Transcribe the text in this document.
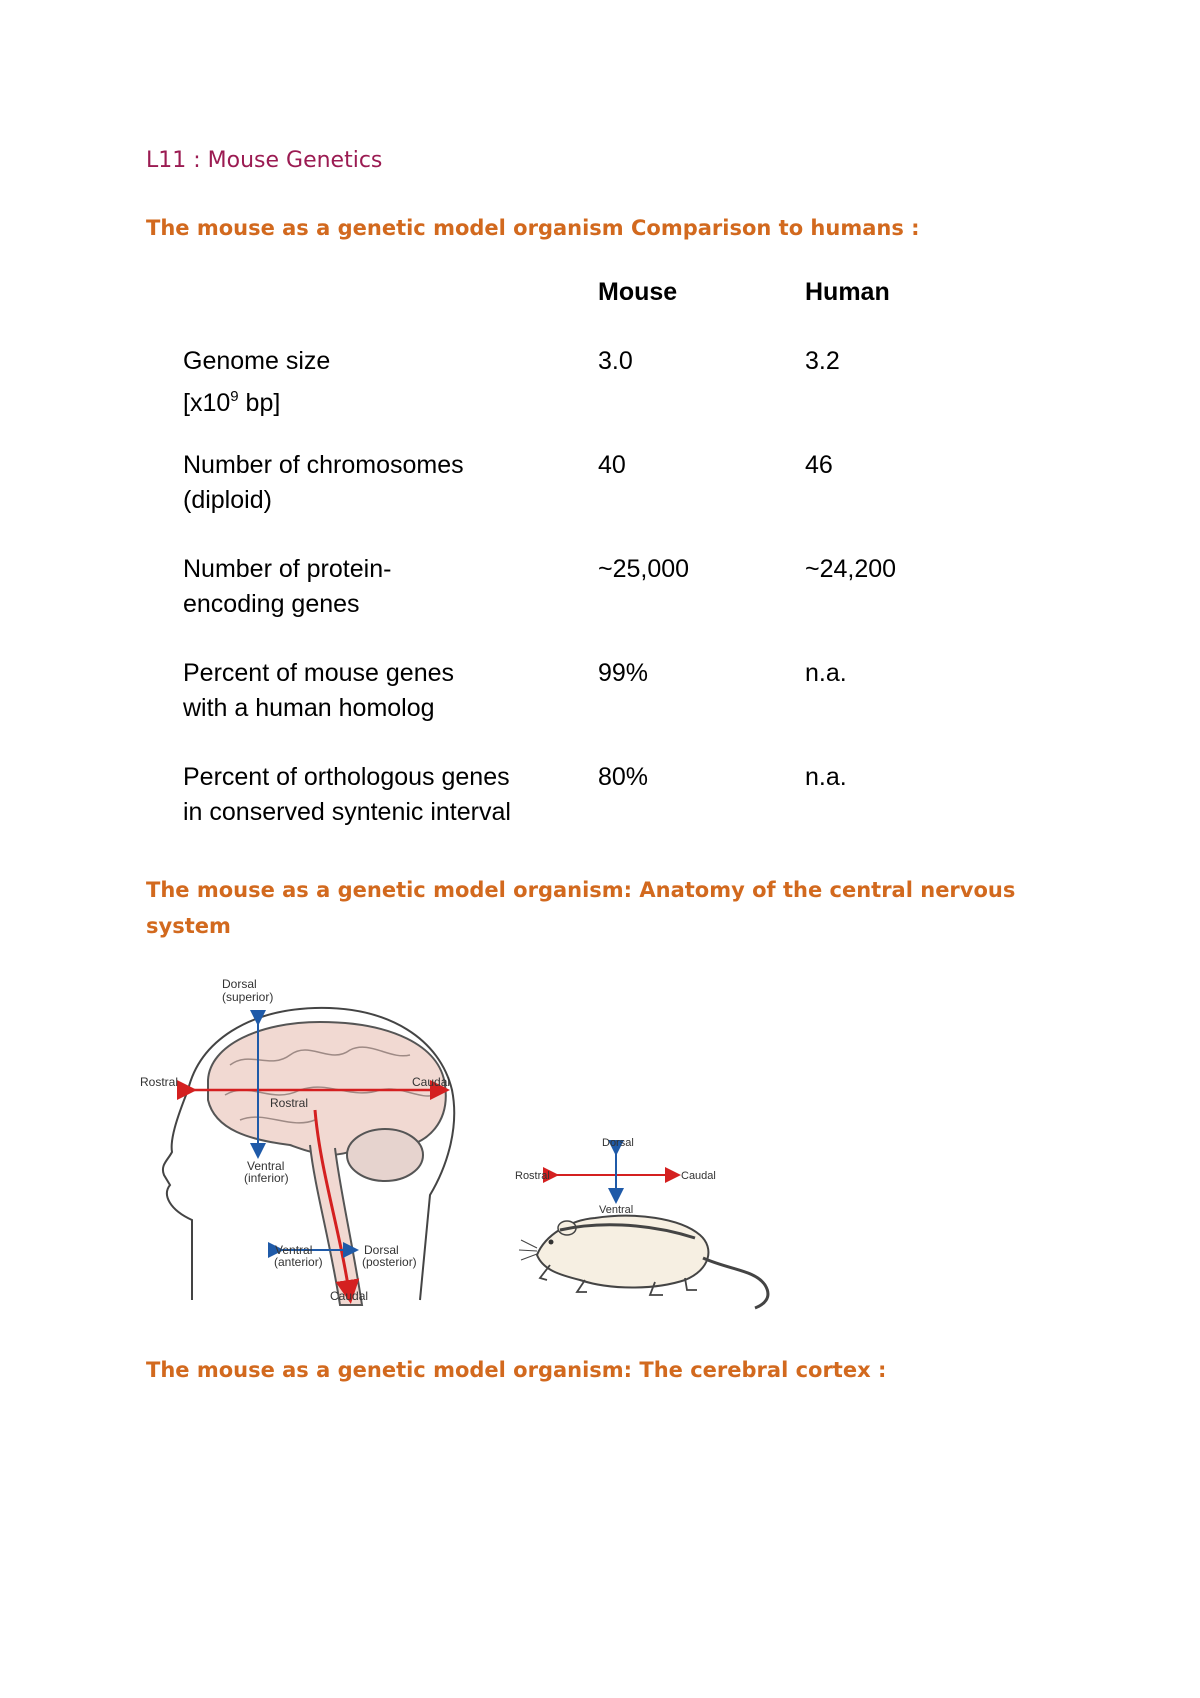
L11 : Mouse Genetics
The mouse as a genetic model organism Comparison to humans :
Mouse	Human
Genome size
[$x10^9$ bp]
3.0	3.2
Number of chromosomes
(diploid)
40	46
Number of protein-
encoding genes
~25,000	~24,200
Percent of mouse genes
with a human homolog
99%	n.a.
Percent of orthologous genes
in conserved syntenic interval
80%	n.a.
The mouse as a genetic model organism: Anatomy of the central nervous system
Dorsal
(superior)
Rostral	Caudal
Rostral
Ventral
(inferior)
Ventral
(anterior)
Dorsal
(posterior)
Caudal
Dorsal
Rostral	Caudal
Ventral
The mouse as a genetic model organism: The cerebral cortex :
